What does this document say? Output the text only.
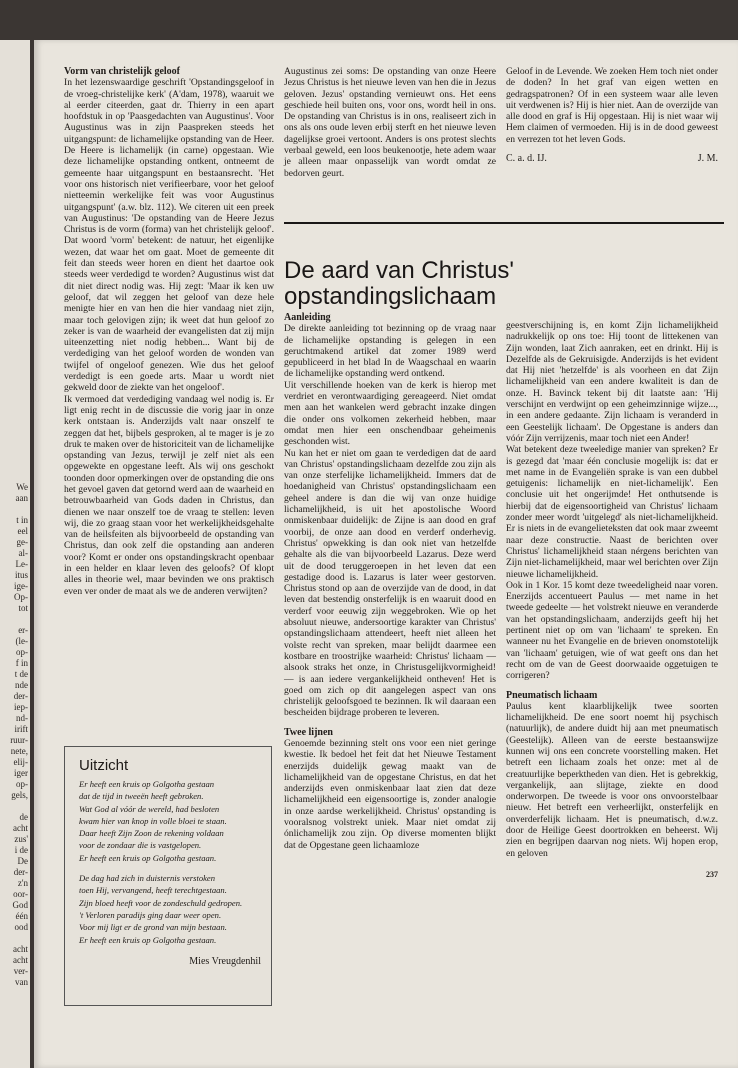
We
aan

t in
eel
ge-
al-
Le-
itus
ige-
Op-
tot

er-
(le-
op-
f in
t de
nde
der-
iep-
nd-
irift
ruur-
nete,
elij-
iger
op-
gels,

de
acht
zus'
i de
De
der-
z'n
oor-
God
één
ood

acht
acht
ver-
van

Vorm van christelijk geloof

In het lezenswaardige geschrift 'Opstandingsgeloof in de vroeg-christelijke kerk' (A'dam, 1978), waaruit we al eerder citeerden, gaat dr. Thierry in een apart hoofdstuk in op 'Paasgedachten van Augustinus'. Voor Augustinus was in zijn Paaspreken steeds het uitgangspunt: de lichamelijke opstanding van de Heer. De Heere is lichamelijk (in carne) opgestaan. Wie deze lichamelijke opstanding ontkent, ontneemt de gemeente haar uitgangspunt en bestaansrecht. 'Het voor ons historisch niet verifieerbare, voor het geloof nietteemin werkelijke feit was voor Augustinus uitgangspunt' (a.w. blz. 112). We citeren uit een preek van Augustinus: 'De opstanding van de Heere Jezus Christus is de vorm (forma) van het christelijk geloof'. Dat woord 'vorm' betekent: de natuur, het eigenlijke wezen, dat waar het om gaat. Moet de gemeente dit feit dan steeds weer horen en dient het daartoe ook steeds weer verdedigd te worden? Augustinus wist dat dit niet direct nodig was. Hij zegt: 'Maar ik ken uw geloof, dat wil zeggen het geloof van deze hele menigte hier en van hen die hier vandaag niet zijn, maar toch gelovigen zijn; ik weet dat hun geloof zo zeker is van de waarheid der evangelisten dat zij mijn uiteenzetting niet nodig hebben... Want bij de verdediging van het geloof worden de wonden van twijfel of ongeloof genezen. Wie dus het geloof verdedigt is een goede arts. Maar u wordt niet gekweld door de ziekte van het ongeloof'.

Ik vermoed dat verdediging vandaag wel nodig is. Er ligt enig recht in de discussie die vorig jaar in onze kerk ontstaan is. Anderzijds valt naar onszelf te zeggen dat het, bijbels gesproken, al te mager is je zo druk te maken over de historiciteit van de lichamelijke opstanding van Jezus, terwijl je zelf niet als een opgewekte en opgestane leeft. Als wij ons geschokt toonden door opmerkingen over de opstanding die ons het gevoel gaven dat getornd werd aan de waarheid en betrouwbaarheid van Gods daden in Christus, dan dienen we naar onszelf toe de vraag te stellen: leven wij, die zo graag staan voor het werkelijkheidsgehalte van de heilsfeiten als bijvoorbeeld de opstanding van Christus, dan ook zelf die opstanding aan anderen voor? Komt er onder ons opstandingskracht openbaar in een helder en klaar leven des geloofs? Of klopt alles in theorie wel, maar bevinden we ons praktisch even ver onder de maat als we de anderen verwijten?

Augustinus zei soms: De opstanding van onze Heere Jezus Christus is het nieuwe leven van hen die in Jezus geloven. Jezus' opstanding vernieuwt ons. Het eens geschiede heil buiten ons, voor ons, wordt heil in ons. De opstanding van Christus is in ons, realiseert zich in ons als ons oude leven erbij sterft en het nieuwe leven dagelijkse groei vertoont. Anders is ons protest slechts verbaal geweld, een loos beukenootje, hete adem waar je alleen maar onpasselijk van wordt omdat ze bedorven geurt.

Geloof in de Levende. We zoeken Hem toch niet onder de doden? In het graf van eigen wetten en gedragspatronen? Of in een systeem waar alle leven uit verdwenen is? Hij is hier niet. Aan de overzijde van alle dood en graf is Hij opgestaan. Hij is niet waar wij Hem claimen of vermoeden. Hij is in de dood geweest en verrezen tot het leven Gods.

C. a. d. IJ.	J. M.

De aard van Christus'

opstandingslichaam

Aanleiding

De direkte aanleiding tot bezinning op de vraag naar de lichamelijke opstanding is gelegen in een geruchtmakend artikel dat zomer 1989 werd gepubliceerd in het blad In de Waagschaal en waarin de lichamelijke opstanding werd ontkend.

Uit verschillende hoeken van de kerk is hierop met verdriet en verontwaardiging gereageerd. Niet omdat men aan het wankelen werd gebracht inzake dingen die onder ons volkomen zekerheid hebben, maar omdat men hier een onschendbaar geheimenis geschonden wist.

Nu kan het er niet om gaan te verdedigen dat de aard van Christus' opstandingslichaam dezelfde zou zijn als van onze sterfelijke lichamelijkheid. Immers dat de hoedanigheid van Christus' opstandingslichaam een geheel andere is dan die wij van onze huidige lichamelijkheid, is uit het apostolische Woord onmiskenbaar duidelijk: de Zijne is aan dood en graf voorbij, de onze aan dood en verderf onderhevig. Christus' opwekking is dan ook niet van hetzelfde gehalte als die van bijvoorbeeld Lazarus. Deze werd uit de dood teruggeroepen in het leven dat een gestadige dood is. Lazarus is later weer gestorven. Christus stond op aan de overzijde van de dood, in dat leven dat bestendig onsterfelijk is en waaruit dood en verderf voor eeuwig zijn weggebroken. Wie op het absoluut nieuwe, andersoortige karakter van Christus' opstandingslichaam attendeert, heeft niet alleen het volste recht van spreken, maar belijdt daarmee een kostbare en troostrijke waarheid: Christus' lichaam — alsook straks het onze, in Christusgelijkvormigheid! — is aan iedere vergankelijkheid ontheven! Het is goed om zich op dit aangelegen aspect van ons christelijk geloofsgoed te bezinnen. Ik wil daaraan een bescheiden bijdrage proberen te leveren.

Twee lijnen

Genoemde bezinning stelt ons voor een niet geringe kwestie. Ik bedoel het feit dat het Nieuwe Testament enerzijds duidelijk gewag maakt van de lichamelijkheid van de opgestane Christus, en dat het anderzijds even onmiskenbaar laat zien dat deze lichamelijkheid een eigensoortige is, zonder analogie in onze aardse werkelijkheid. Christus' opstanding is vooralsnog volstrekt uniek. Maar niet omdat zij ónlichamelijk zou zijn. Op diverse momenten blijkt dat de Opgestane geen lichaamloze

geestverschijning is, en komt Zijn lichamelijkheid nadrukkelijk op ons toe: Hij toont de littekenen van Zijn wonden, laat Zich aanraken, eet en drinkt. Hij is Dezelfde als de Gekruisigde. Anderzijds is het evident dat Hij niet 'hetzelfde' is als voorheen en dat Zijn lichamelijkheid van een andere kwaliteit is dan de onze. H. Bavinck tekent bij dit laatste aan: 'Hij verschijnt en verdwijnt op een geheimzinnige wijze..., in een andere gedaante. Zijn lichaam is veranderd in een Geestelijk lichaam'. De Opgestane is anders dan vóór Zijn verrijzenis, maar toch niet een Ander!

Wat betekent deze tweeledige manier van spreken? Er is gezegd dat 'maar één conclusie mogelijk is: dat er met name in de Evangeliën sprake is van een dubbel getuigenis: lichamelijk en niet-lichamelijk'. Een conclusie uit het ongerijmde! Het onthutsende is hierbij dat de eigensoortigheid van Christus' lichaam zonder meer wordt 'uitgelegd' als niet-lichamelijkheid. Er is niets in de evangelieteksten dat ook maar zweemt naar deze constructie. Naast de berichten over Christus' lichamelijkheid staan nérgens berichten van Zijn niet-lichamelijkheid, maar wel berichten over Zijn nieuwe lichamelijkheid.

Ook in 1 Kor. 15 komt deze tweedeligheid naar voren. Enerzijds accentueert Paulus — met name in het tweede gedeelte — het volstrekt nieuwe en veranderde van het opstandingslichaam, anderzijds geeft hij het pertinent niet op om van 'lichaam' te spreken. En wanneer nu het Evangelie en de brieven onomstotelijk van 'lichaam' getuigen, wie of wat geeft ons dan het recht om de van de Geest doorwaaide oggetuigen te corrigeren?

Pneumatisch lichaam

Paulus kent klaarblijkelijk twee soorten lichamelijkheid. De ene soort noemt hij psychisch (natuurlijk), de andere duidt hij aan met pneumatisch (Geestelijk). Alleen van de eerste bestaanswijze kunnen wij ons een concrete voorstelling maken. Het betreft een lichaam zoals het onze: met al de creatuurlijke beperktheden van dien. Het is gebrekkig, vergankelijk, aan slijtage, ziekte en dood onderworpen. De tweede is voor ons onvoorstelbaar nieuw. Het betreft een verheerlijkt, onsterfelijk en onverderfelijk lichaam. Het is pneumatisch, d.w.z. door de Heilige Geest doortrokken en beheerst. Wij zien en begrijpen daarvan nog niets. Wij hopen erop, en geloven

237
Uitzicht
Er heeft een kruis op Golgotha gestaan
dat de tijd in tweeën heeft gebroken.
Wat God al vóór de wereld, had besloten
kwam hier van knop in volle bloei te staan.
Daar heeft Zijn Zoon de rekening voldaan
voor de zondaar die is vastgelopen.
Er heeft een kruis op Golgotha gestaan.
De dag had zich in duisternis verstoken
toen Hij, vervangend, heeft terechtgestaan.
Zijn bloed heeft voor de zondeschuld gedropen.
't Verloren paradijs ging daar weer open.
Voor mij ligt er de grond van mijn bestaan.
Er heeft een kruis op Golgotha gestaan.
Mies Vreugdenhil
